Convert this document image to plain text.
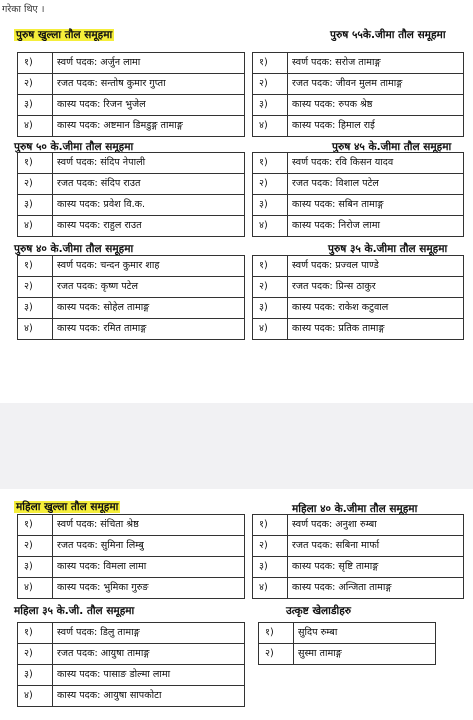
गरेका थिए ।
पुरुष खुल्ला तौल समूहमा	पुरुष ५५के.जीमा तौल समूहमा
१)	स्वर्ण पदक: अर्जुन लामा
२)	रजत पदक: सन्तोष कुमार गुप्ता
३)	कास्य पदक: रिजन भुजेल
४)	कास्य पदक: अष्टमान डिमडुङ्ग तामाङ्ग
१)	स्वर्ण पदक: सरोज तामाङ्ग
२)	रजत पदक: जीवन मुलम तामाङ्ग
३)	कास्य पदक: रुपक श्रेष्ठ
४)	कास्य पदक: हिमाल राई
पुरुष ५० के.जीमा तौल समूहमा	पुरुष ४५ के.जीमा तौल समूहमा
१)	स्वर्ण पदक: संदिप नेपाली
२)	रजत पदक: संदिप राउत
३)	कास्य पदक: प्रवेश वि.क.
४)	कास्य पदक: राहुल राउत
१)	स्वर्ण पदक: रवि किसन यादव
२)	रजत पदक: विशाल पटेल
३)	कास्य पदक: सबिन तामाङ्ग
४)	कास्य पदक: निरोज लामा
पुरुष ४० के.जीमा तौल समूहमा	पुरुष ३५ के.जीमा तौल समूहमा
१)	स्वर्ण पदक: चन्दन कुमार शाह
२)	रजत पदक: कृष्ण पटेल
३)	कास्य पदक: सोहेल तामाङ्ग
४)	कास्य पदक: रमित तामाङ्ग
१)	स्वर्ण पदक: प्रज्वल पाण्डे
२)	रजत पदक: प्रिन्स ठाकुर
३)	कास्य पदक: राकेश कटुवाल
४)	कास्य पदक: प्रतिक तामाङ्ग
महिला खुल्ला तौल समूहमा	महिला ४० के.जीमा तौल समूहमा
१)	स्वर्ण पदक: संचिता श्रेष्ठ
२)	रजत पदक: सुमिना लिम्बु
३)	कास्य पदक: विमला लामा
४)	कास्य पदक: भुमिका गुरुङ
१)	स्वर्ण पदक: अनुशा रुम्बा
२)	रजत पदक: सबिना मार्फा
३)	कास्य पदक: सृष्टि तामाङ्ग
४)	कास्य पदक: अन्जिता तामाङ्ग
महिला ३५ के.जी. तौल समूहमा	उत्कृष्ट खेलाडीहरु
१)	स्वर्ण पदक: डिलु तामाङ्ग
२)	रजत पदक: आयुषा तामाङ्ग
३)	कास्य पदक: पासाङ डोल्मा लामा
४)	कास्य पदक: आयुषा सापकोटा
१)	सुदिप रुम्बा
२)	सुस्मा तामाङ्ग
